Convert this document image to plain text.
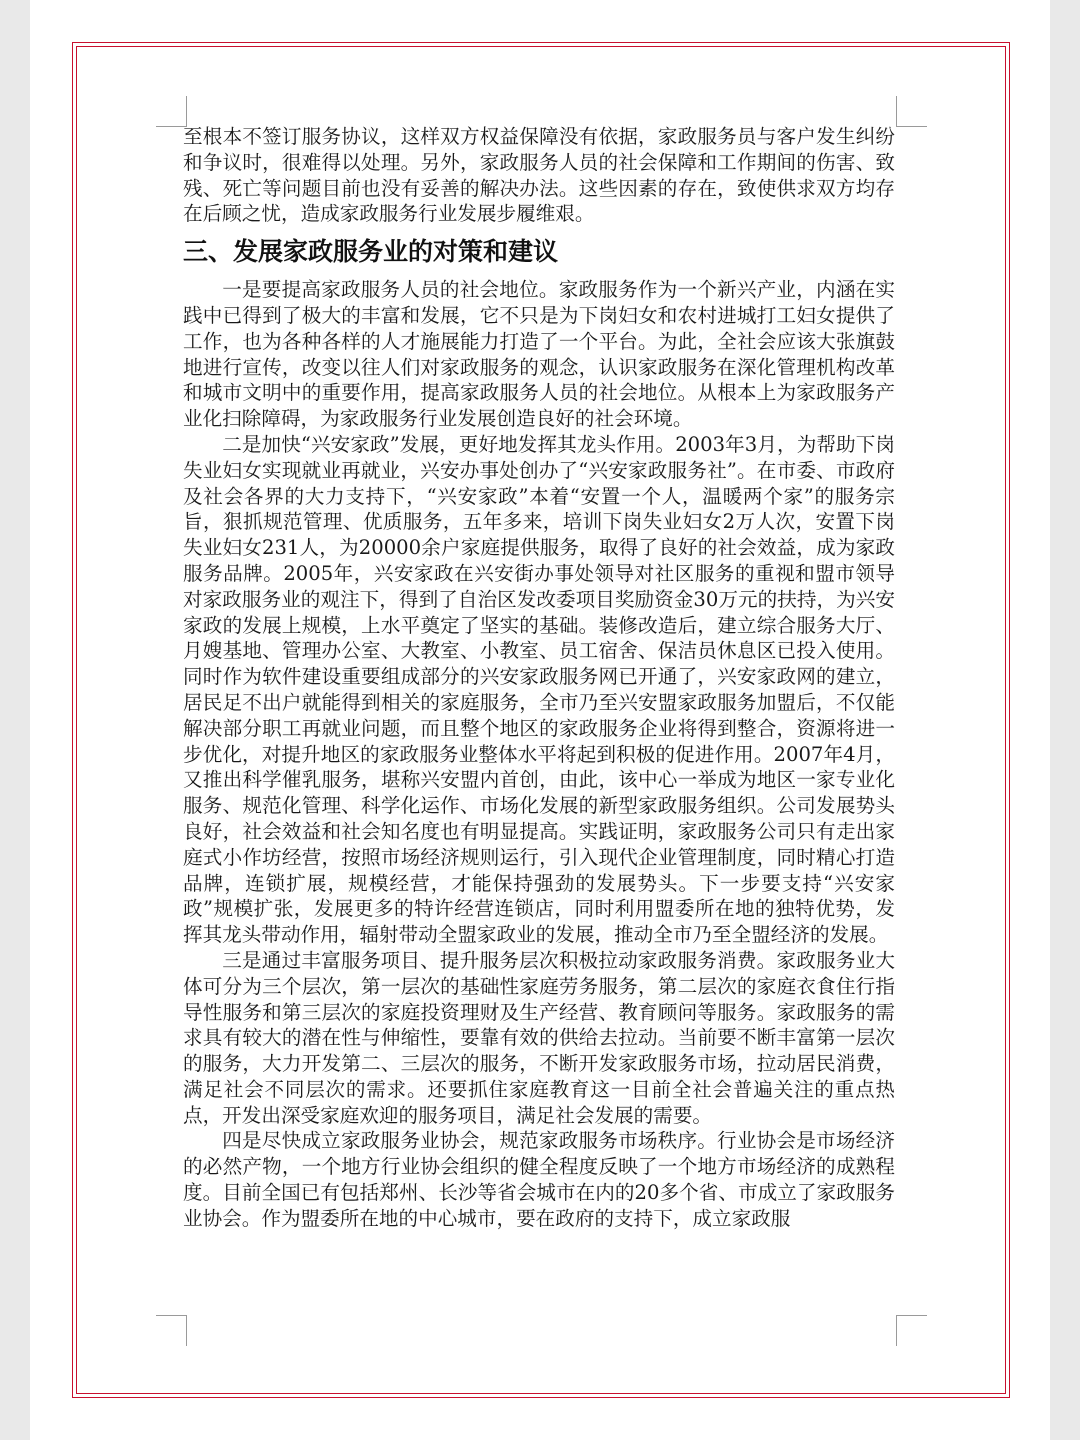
至根本不签订服务协议，这样双方权益保障没有依据，家政服务员与客户发生纠纷和争议时，很难得以处理。另外，家政服务人员的社会保障和工作期间的伤害、致残、死亡等问题目前也没有妥善的解决办法。这些因素的存在，致使供求双方均存在后顾之忧，造成家政服务行业发展步履维艰。

三、发展家政服务业的对策和建议

一是要提高家政服务人员的社会地位。家政服务作为一个新兴产业，内涵在实践中已得到了极大的丰富和发展，它不只是为下岗妇女和农村进城打工妇女提供了工作，也为各种各样的人才施展能力打造了一个平台。为此，全社会应该大张旗鼓地进行宣传，改变以往人们对家政服务的观念，认识家政服务在深化管理机构改革和城市文明中的重要作用，提高家政服务人员的社会地位。从根本上为家政服务产业化扫除障碍，为家政服务行业发展创造良好的社会环境。

二是加快“兴安家政”发展，更好地发挥其龙头作用。2003年3月，为帮助下岗失业妇女实现就业再就业，兴安办事处创办了“兴安家政服务社”。在市委、市政府及社会各界的大力支持下，“兴安家政”本着“安置一个人，温暖两个家”的服务宗旨，狠抓规范管理、优质服务，五年多来，培训下岗失业妇女2万人次，安置下岗失业妇女231人，为20000余户家庭提供服务，取得了良好的社会效益，成为家政服务品牌。2005年，兴安家政在兴安街办事处领导对社区服务的重视和盟市领导对家政服务业的观注下，得到了自治区发改委项目奖励资金30万元的扶持，为兴安家政的发展上规模，上水平奠定了坚实的基础。装修改造后，建立综合服务大厅、月嫂基地、管理办公室、大教室、小教室、员工宿舍、保洁员休息区已投入使用。同时作为软件建设重要组成部分的兴安家政服务网已开通了，兴安家政网的建立，居民足不出户就能得到相关的家庭服务，全市乃至兴安盟家政服务加盟后，不仅能解决部分职工再就业问题，而且整个地区的家政服务企业将得到整合，资源将进一步优化，对提升地区的家政服务业整体水平将起到积极的促进作用。2007年4月，又推出科学催乳服务，堪称兴安盟内首创，由此，该中心一举成为地区一家专业化服务、规范化管理、科学化运作、市场化发展的新型家政服务组织。公司发展势头良好，社会效益和社会知名度也有明显提高。实践证明，家政服务公司只有走出家庭式小作坊经营，按照市场经济规则运行，引入现代企业管理制度，同时精心打造品牌，连锁扩展，规模经营，才能保持强劲的发展势头。下一步要支持“兴安家政”规模扩张，发展更多的特许经营连锁店，同时利用盟委所在地的独特优势，发挥其龙头带动作用，辐射带动全盟家政业的发展，推动全市乃至全盟经济的发展。

三是通过丰富服务项目、提升服务层次积极拉动家政服务消费。家政服务业大体可分为三个层次，第一层次的基础性家庭劳务服务，第二层次的家庭衣食住行指导性服务和第三层次的家庭投资理财及生产经营、教育顾问等服务。家政服务的需求具有较大的潜在性与伸缩性，要靠有效的供给去拉动。当前要不断丰富第一层次的服务，大力开发第二、三层次的服务，不断开发家政服务市场，拉动居民消费，满足社会不同层次的需求。还要抓住家庭教育这一目前全社会普遍关注的重点热点，开发出深受家庭欢迎的服务项目，满足社会发展的需要。

四是尽快成立家政服务业协会，规范家政服务市场秩序。行业协会是市场经济的必然产物，一个地方行业协会组织的健全程度反映了一个地方市场经济的成熟程度。目前全国已有包括郑州、长沙等省会城市在内的20多个省、市成立了家政服务业协会。作为盟委所在地的中心城市，要在政府的支持下，成立家政服
